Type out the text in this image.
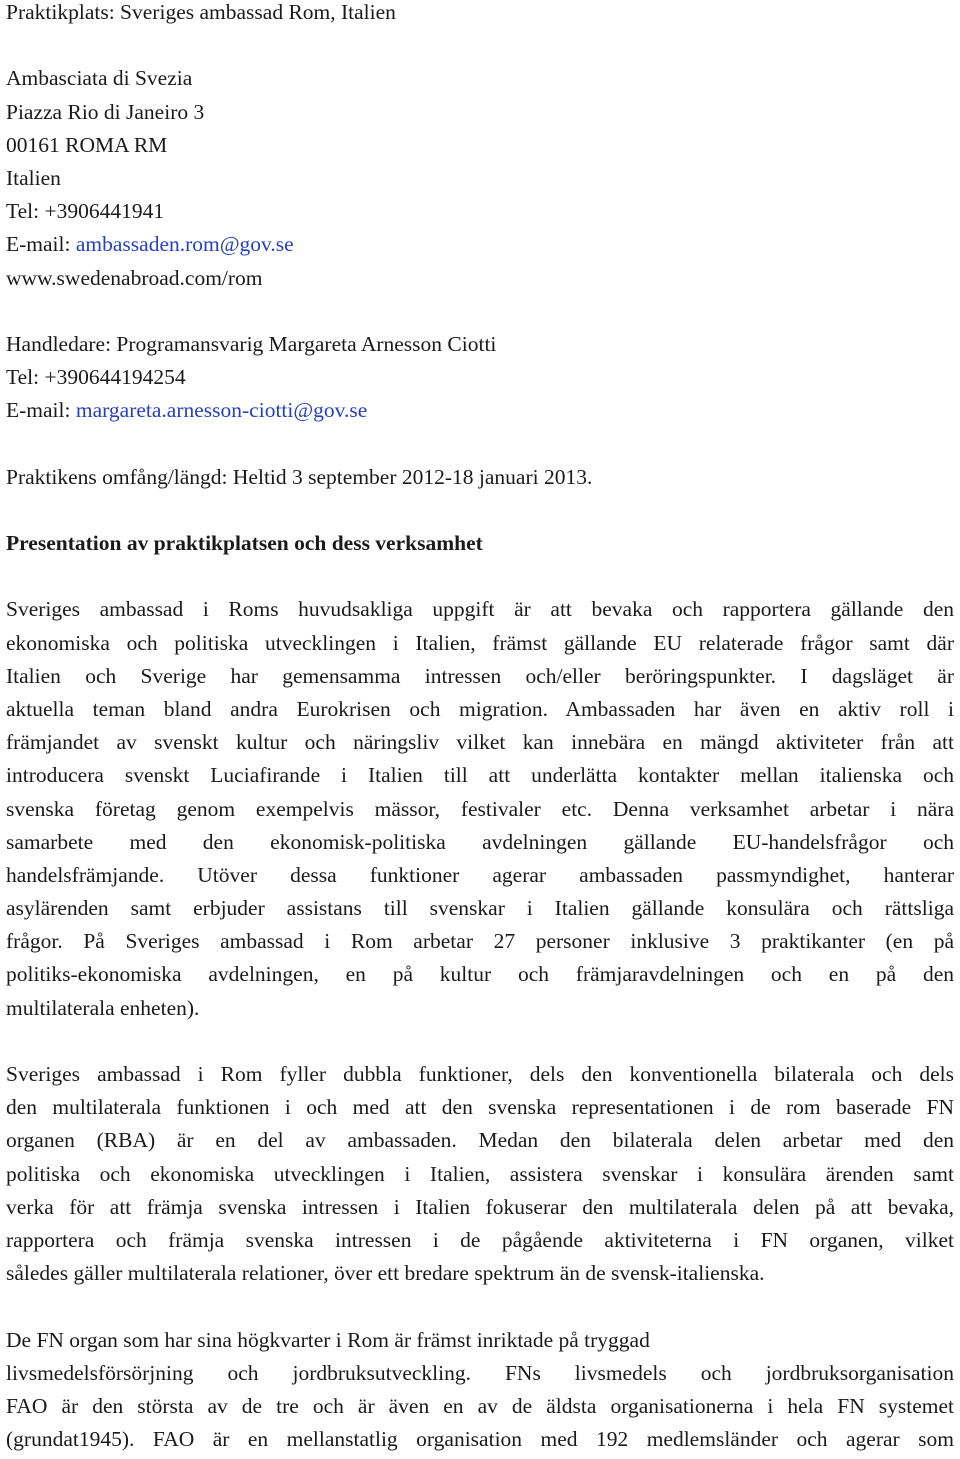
Praktikplats: Sveriges ambassad Rom, Italien
Ambasciata di Svezia
Piazza Rio di Janeiro 3
00161 ROMA RM
Italien
Tel: +3906441941
E-mail: ambassaden.rom@gov.se
www.swedenabroad.com/rom
Handledare: Programansvarig Margareta Arnesson Ciotti
Tel: +390644194254
E-mail: margareta.arnesson-ciotti@gov.se
Praktikens omfång/längd: Heltid 3 september 2012-18 januari 2013.
Presentation av praktikplatsen och dess verksamhet
Sveriges ambassad i Roms huvudsakliga uppgift är att bevaka och rapportera gällande den
ekonomiska och politiska utvecklingen i Italien, främst gällande EU relaterade frågor samt där
Italien och Sverige har gemensamma intressen och/eller beröringspunkter. I dagsläget är
aktuella teman bland andra Eurokrisen och migration. Ambassaden har även en aktiv roll i
främjandet av svenskt kultur och näringsliv vilket kan innebära en mängd aktiviteter från att
introducera svenskt Luciafirande i Italien till att underlätta kontakter mellan italienska och
svenska företag genom exempelvis mässor, festivaler etc. Denna verksamhet arbetar i nära
samarbete med den ekonomisk-politiska avdelningen gällande EU-handelsfrågor och
handelsfrämjande. Utöver dessa funktioner agerar ambassaden passmyndighet, hanterar
asylärenden samt erbjuder assistans till svenskar i Italien gällande konsulära och rättsliga
frågor. På Sveriges ambassad i Rom arbetar 27 personer inklusive 3 praktikanter (en på
politiks-ekonomiska avdelningen, en på kultur och främjaravdelningen och en på den
multilaterala enheten).
Sveriges ambassad i Rom fyller dubbla funktioner, dels den konventionella bilaterala och dels
den multilaterala funktionen i och med att den svenska representationen i de rom baserade FN
organen (RBA) är en del av ambassaden. Medan den bilaterala delen arbetar med den
politiska och ekonomiska utvecklingen i Italien, assistera svenskar i konsulära ärenden samt
verka för att främja svenska intressen i Italien fokuserar den multilaterala delen på att bevaka,
rapportera och främja svenska intressen i de pågående aktiviteterna i FN organen, vilket
således gäller multilaterala relationer, över ett bredare spektrum än de svensk-italienska.
De FN organ som har sina högkvarter i Rom är främst inriktade på tryggad
livsmedelsförsörjning och jordbruksutveckling. FNs livsmedels och jordbruksorganisation
FAO är den största av de tre och är även en av de äldsta organisationerna i hela FN systemet
(grundat1945). FAO är en mellanstatlig organisation med 192 medlemsländer och agerar som
